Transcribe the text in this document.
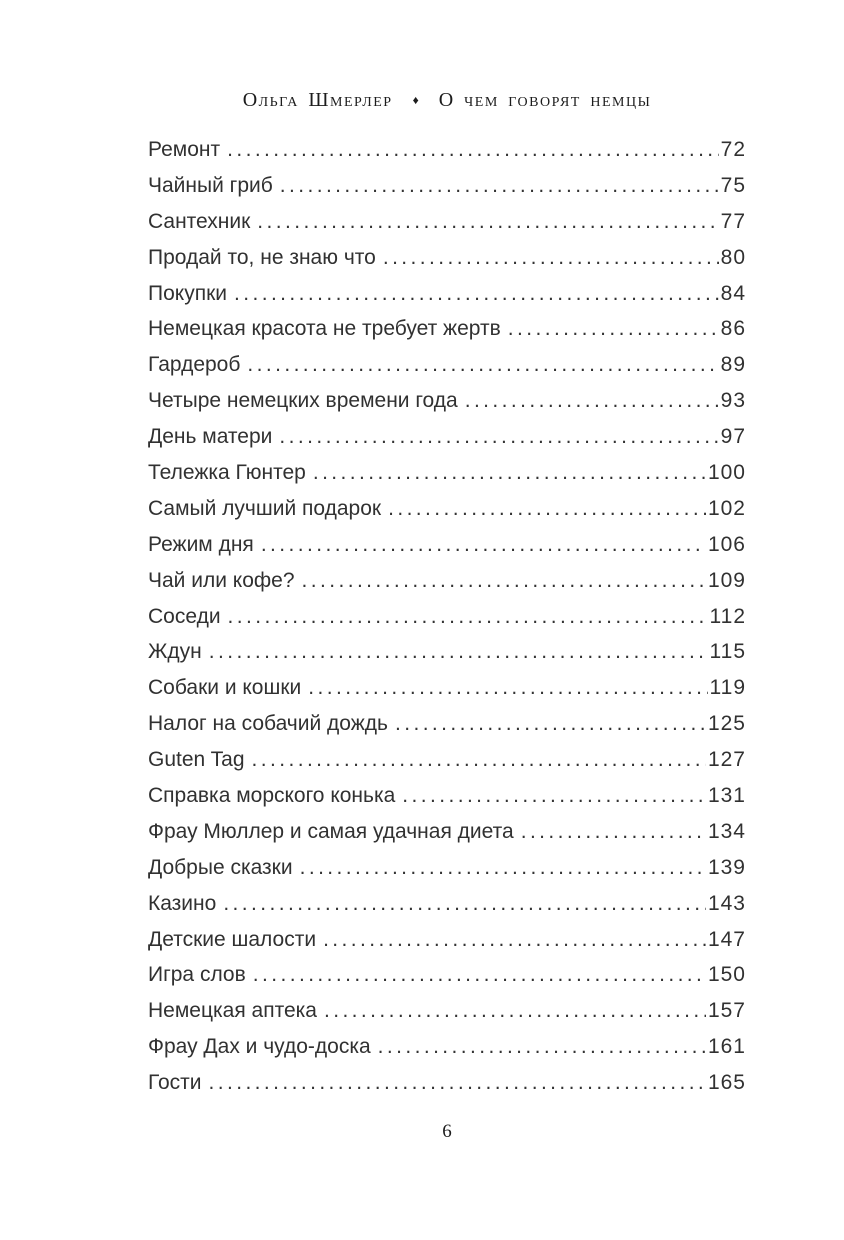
Ольга Шмерлер ♦ О чем говорят немцы
Ремонт .....	72
Чайный гриб .....	75
Сантехник .....	77
Продай то, не знаю что .....	80
Покупки .....	84
Немецкая красота не требует жертв .....	86
Гардероб .....	89
Четыре немецких времени года .....	93
День матери .....	97
Тележка Гюнтер .....	100
Самый лучший подарок .....	102
Режим дня .....	106
Чай или кофе? .....	109
Соседи .....	112
Ждун .....	115
Собаки и кошки .....	119
Налог на собачий дождь .....	125
Guten Tag .....	127
Справка морского конька .....	131
Фрау Мюллер и самая удачная диета .....	134
Добрые сказки .....	139
Казино .....	143
Детские шалости .....	147
Игра слов .....	150
Немецкая аптека .....	157
Фрау Дах и чудо-доска .....	161
Гости .....	165
6
